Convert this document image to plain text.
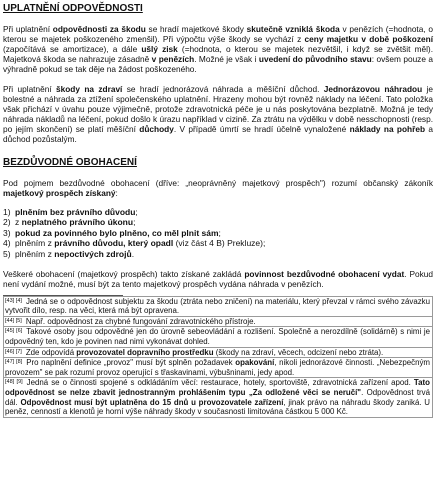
UPLATNĚNÍ ODPOVĚDNOSTI

Při uplatnění odpovědnosti za škodu se hradí majetkové škody skutečně vzniklá škoda v penězích (=hodnota, o kterou se majetek poškozeného zmenšil). Při výpočtu výše škody se vychází z ceny majetku v době poškození (započítává se amortizace), a dále ušlý zisk (=hodnota, o kterou se majetek nezvětšil, i když se zvětšit měl). Majetková škoda se nahrazuje zásadně v penězích. Možné je však i uvedení do původního stavu: ovšem pouze a výhradně pokud se tak děje na žádost poškozeného.

Při uplatnění škody na zdraví se hradí jednorázová náhrada a měšíční důchod. Jednorázovou náhradou je bolestné a náhrada za ztížení společenského uplatnění. Hrazeny mohou být rovněž náklady na léčení. Tato položka však přichází v úvahu pouze výjimečně, protože zdravotnická péče je u nás poskytována bezplatně. Možná je tedy náhrada nákladů na léčení, pokud došlo k úrazu například v cizině. Za ztrátu na výdělku v době nesschopnosti (resp. po jejím skončení) se platí měšíční důchody. V případě úmrtí se hradí účelně vynaložené náklady na pohřeb a důchod pozůstalým.

BEZDŮVODNÉ OBOHACENÍ

Pod pojmem bezdůvodné obohacení (dříve: „neoprávněný majetkový prospěch") rozumí občanský zákoník majetkový prospěch získaný:

1) plněním bez právního důvodu;
2) z neplatného právního úkonu;
3) pokud za povinného bylo plněno, co měl plnit sám;
4) plněním z právního důvodu, který opadl (viz část 4 B) Prekluze);
5) plněním z nepoctivých zdrojů.

Veškeré obohacení (majetkový prospěch) takto získané zakládá povinnost bezdůvodné obohacení vydat. Pokud není vydání možné, musí být za tento majetkový prospěch vydána náhrada v penězích.

[43] [4] Jedná se o odpovědnost subjektu za škodu (ztráta nebo zničení) na materiálu, který převzal v rámci svého závazku vytvořit dílo, resp. na věci, která má být opravena.
[44] [5] Např. odpovědnost za chybné fungování zdravotnického přístroje.
[45] [6] Takové osoby jsou odpovědné jen do úrovně sebeovládání a rozlišení. Společně a nerozdílně (solidárně) s nimi je odpovědný ten, kdo je povinen nad nimi vykonávat dohled.
[46] [7] Zde odpovídá provozovatel dopravního prostředku (škody na zdraví, věcech, odcizení nebo ztráta).
[47] [8] Pro naplnění definice „provoz" musí být splněn požadavek opakování, nikoli jednorázové činnosti. „Nebezpečným provozem" se pak rozumí provoz operující s třaskavinami, výbušninami, jedy apod.
[48] [9] Jedná se o činnosti spojené s odkládáním věcí: restaurace, hotely, sportoviště, zdravotnická zařízení apod. Tato odpovědnost se nelze zbavit jednostranným prohlášením typu „Za odložené věci se neručí". Odpovědnost trvá dál. Odpovědnost musí být uplatněna do 15 dnů u provozovatele zařízení, jinak právo na náhradu škody zaniká. U peněz, cenností a klenotů je horní výše náhrady škody v současnosti limitována částkou 5 000 Kč.
